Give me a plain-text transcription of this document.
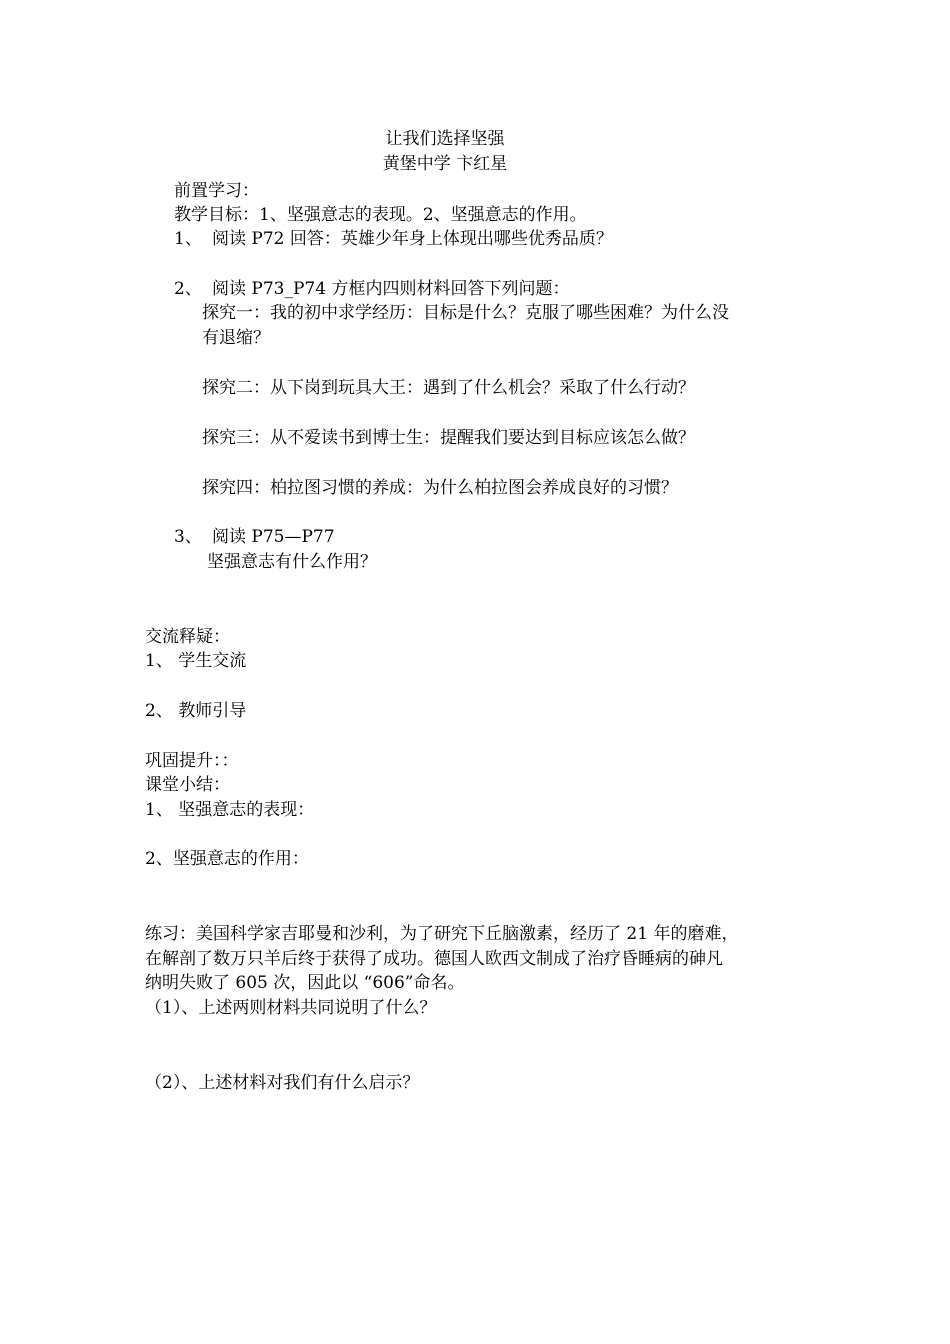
让我们选择坚强
黄堡中学 卞红星
前置学习：
教学目标：1、坚强意志的表现。2、坚强意志的作用。
1、 阅读 P72 回答：英雄少年身上体现出哪些优秀品质？
2、 阅读 P73_P74 方框内四则材料回答下列问题：
探究一：我的初中求学经历：目标是什么？克服了哪些困难？为什么没
有退缩？
探究二：从下岗到玩具大王：遇到了什么机会？采取了什么行动？
探究三：从不爱读书到博士生：提醒我们要达到目标应该怎么做？
探究四：柏拉图习惯的养成：为什么柏拉图会养成良好的习惯？
3、 阅读 P75—P77
坚强意志有什么作用？
交流释疑：
1、 学生交流
2、 教师引导
巩固提升：：
课堂小结：
1、 坚强意志的表现：
2、坚强意志的作用：
练习：美国科学家吉耶曼和沙利，为了研究下丘脑激素，经历了 21 年的磨难，
在解剖了数万只羊后终于获得了成功。德国人欧西文制成了治疗昏睡病的砷凡
纳明失败了 605 次，因此以 “606”命名。
（1）、上述两则材料共同说明了什么？
（2）、上述材料对我们有什么启示？
